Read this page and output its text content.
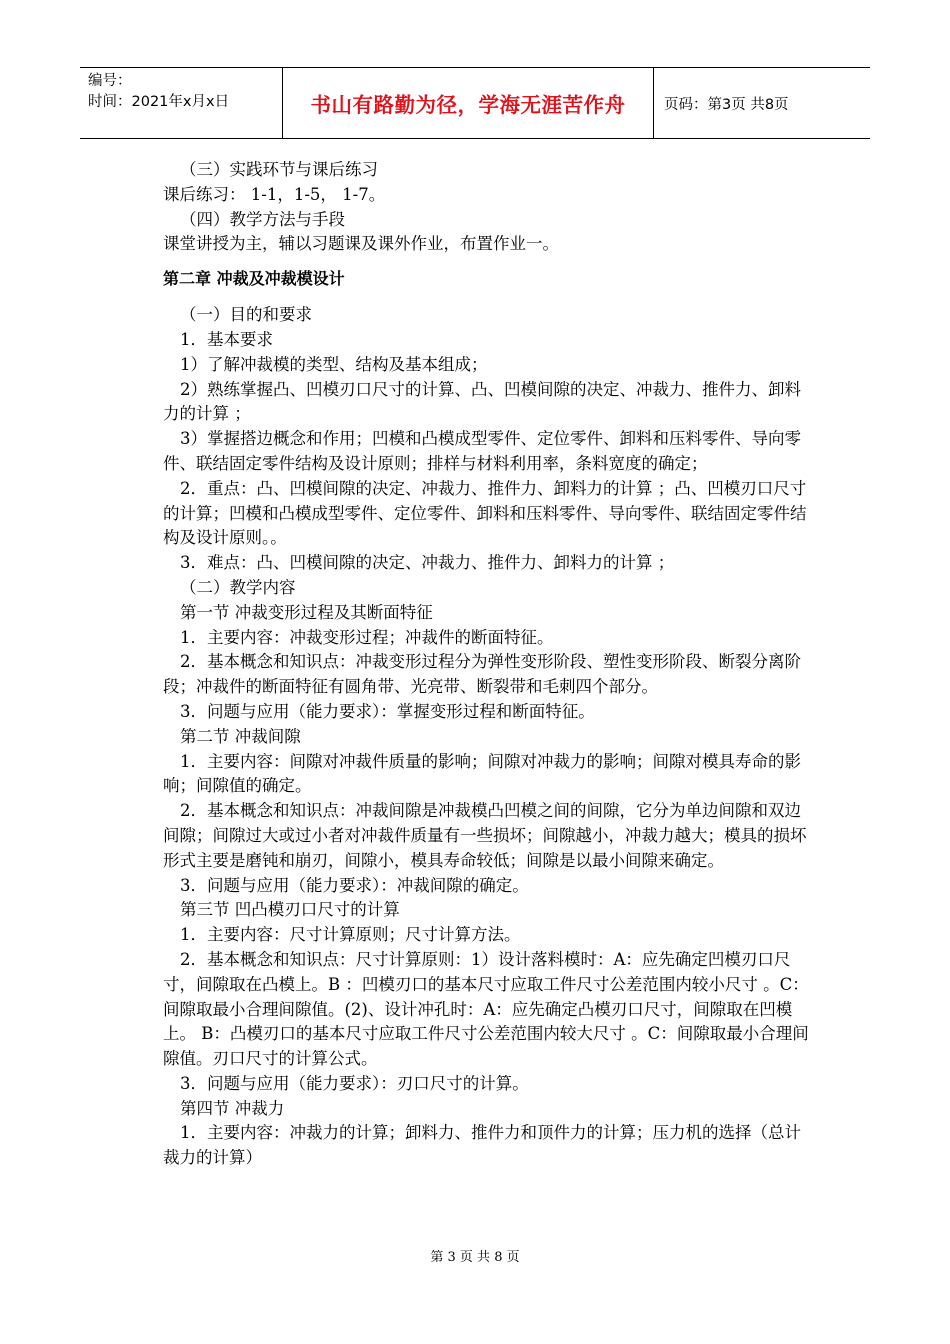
编号：
时间：2021年x月x日	书山有路勤为径，学海无涯苦作舟	页码：第3页 共8页

（三）实践环节与课后练习

课后练习： 1-1，1-5， 1-7。

（四）教学方法与手段

课堂讲授为主，辅以习题课及课外作业，布置作业一。

第二章 冲裁及冲裁模设计

（一）目的和要求

1．基本要求

1）了解冲裁模的类型、结构及基本组成；

2）熟练掌握凸、凹模刃口尺寸的计算、凸、凹模间隙的决定、冲裁力、推件力、卸料力的计算 ；

3）掌握搭边概念和作用；凹模和凸模成型零件、定位零件、卸料和压料零件、导向零件、联结固定零件结构及设计原则；排样与材料利用率，条料宽度的确定；

2．重点：凸、凹模间隙的决定、冲裁力、推件力、卸料力的计算 ；凸、凹模刃口尺寸的计算；凹模和凸模成型零件、定位零件、卸料和压料零件、导向零件、联结固定零件结构及设计原则。。

3．难点：凸、凹模间隙的决定、冲裁力、推件力、卸料力的计算 ；

（二）教学内容

第一节 冲裁变形过程及其断面特征

1．主要内容：冲裁变形过程；冲裁件的断面特征。

2．基本概念和知识点：冲裁变形过程分为弹性变形阶段、塑性变形阶段、断裂分离阶段；冲裁件的断面特征有圆角带、光亮带、断裂带和毛刺四个部分。

3．问题与应用（能力要求）：掌握变形过程和断面特征。

第二节 冲裁间隙

1．主要内容：间隙对冲裁件质量的影响；间隙对冲裁力的影响；间隙对模具寿命的影响；间隙值的确定。

2．基本概念和知识点：冲裁间隙是冲裁模凸凹模之间的间隙，它分为单边间隙和双边间隙；间隙过大或过小者对冲裁件质量有一些损坏；间隙越小，冲裁力越大；模具的损坏形式主要是磨钝和崩刃，间隙小，模具寿命较低；间隙是以最小间隙来确定。

3．问题与应用（能力要求）：冲裁间隙的确定。

第三节 凹凸模刃口尺寸的计算

1．主要内容：尺寸计算原则；尺寸计算方法。

2．基本概念和知识点：尺寸计算原则：1）设计落料模时：A：应先确定凹模刃口尺寸，间隙取在凸模上。B ：凹模刃口的基本尺寸应取工件尺寸公差范围内较小尺寸 。C：间隙取最小合理间隙值。(2)、设计冲孔时：A：应先确定凸模刃口尺寸，间隙取在凹模上。 B：凸模刃口的基本尺寸应取工件尺寸公差范围内较大尺寸 。C：间隙取最小合理间隙值。刃口尺寸的计算公式。

3．问题与应用（能力要求）：刃口尺寸的计算。

第四节 冲裁力

1．主要内容：冲裁力的计算；卸料力、推件力和顶件力的计算；压力机的选择（总计裁力的计算）

第 3 页 共 8 页
